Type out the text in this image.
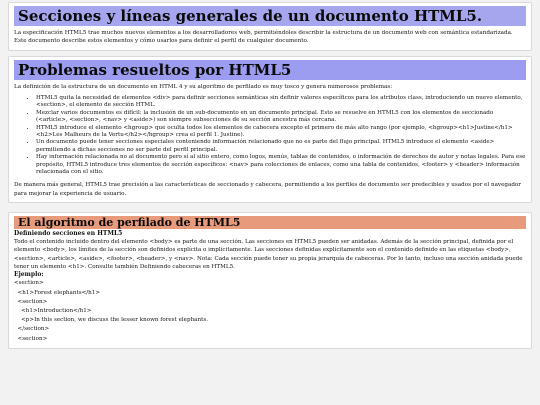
Secciones y líneas generales de un documento HTML5.

La especificación HTML5 trae muchos nuevos elementos a los desarrolladores web, permitiéndoles describir la estructura de un documento web con semántica estandarizada.

Este documento describe estos elementos y cómo usarlos para definir el perfil de cualquier documento.

Problemas resueltos por HTML5

La definición de la estructura de un documento en HTML 4 y su algoritmo de perfilado es muy tosco y genera numerosos problemas:

• HTML5 quita la necesidad de elementos <div> para definir secciones semánticas sin definir valores específicos para los atributos class, introduciendo un nuevo elemento, <section>, el elemento de sección HTML.
• Mezclar varios documentos es difícil: la inclusión de un sub-documento en un documento principal. Esto se resuelve en HTML5 con los elementos de seccionado (<article>, <section>, <nav> y <aside>) son siempre subsecciones de su sección ancestra más cercana.
• HTML5 introduce el elemento <hgroup> que oculta todos los elementos de cabecera excepto el primero de más alto rango (por ejemplo, <hgroup><h1>Justine</h1><h2>Les Malheurs de la Vertu</h2></hgroup> crea el perfil 1. Justine).
• Un documento puede tener secciones especiales conteniendo información relacionado que no es parte del flujo principal. HTML5 introduce el elemento <aside> permitiendo a dichas secciones no ser parte del perfil principal.
• Hay información relacionada no al documento pero sí al sitio entero, como logos, menús, tablas de contenidos, o información de derechos de autor y notas legales. Para ese propósito, HTML5 introduce tres elementos de sección específicos: <nav> para colecciones de enlaces, como una tabla de contenidos, <footer> y <header> información relacionada con el sitio.

De manera más general, HTML5 trae precisión a las características de seccionado y cabecera, permitiendo a los perfiles de documento ser predecibles y usados por el navegador para mejorar la experiencia de usuario.

El algoritmo de perfilado de HTML5
Definiendo secciones en HTML5

Todo el contenido incluido dentro del elemento <body> es parte de una sección. Las secciones en HTML5 pueden ser anidadas. Además de la sección principal, definida por el elemento <body>, los límites de la sección son definidos explícita o implícitamente. Las secciones definidas explícitamente son el contenido definido en las etiquetas <body>, <section>, <article>, <aside>, <footer>, <header>, y <nav>. Nota: Cada sección puede tener su propia jerarquía de cabeceras. Por lo tanto, incluso una sección anidada puede tener un elemento <h1>. Consulte también Definiendo cabeceras en HTML5.

Ejemplo:
<section>
<h1>Forest elephants</h1>
<section>
<h1>Introduction</h1>
<p>In this section, we discuss the lesser known forest elephants.
</section>
<section>
